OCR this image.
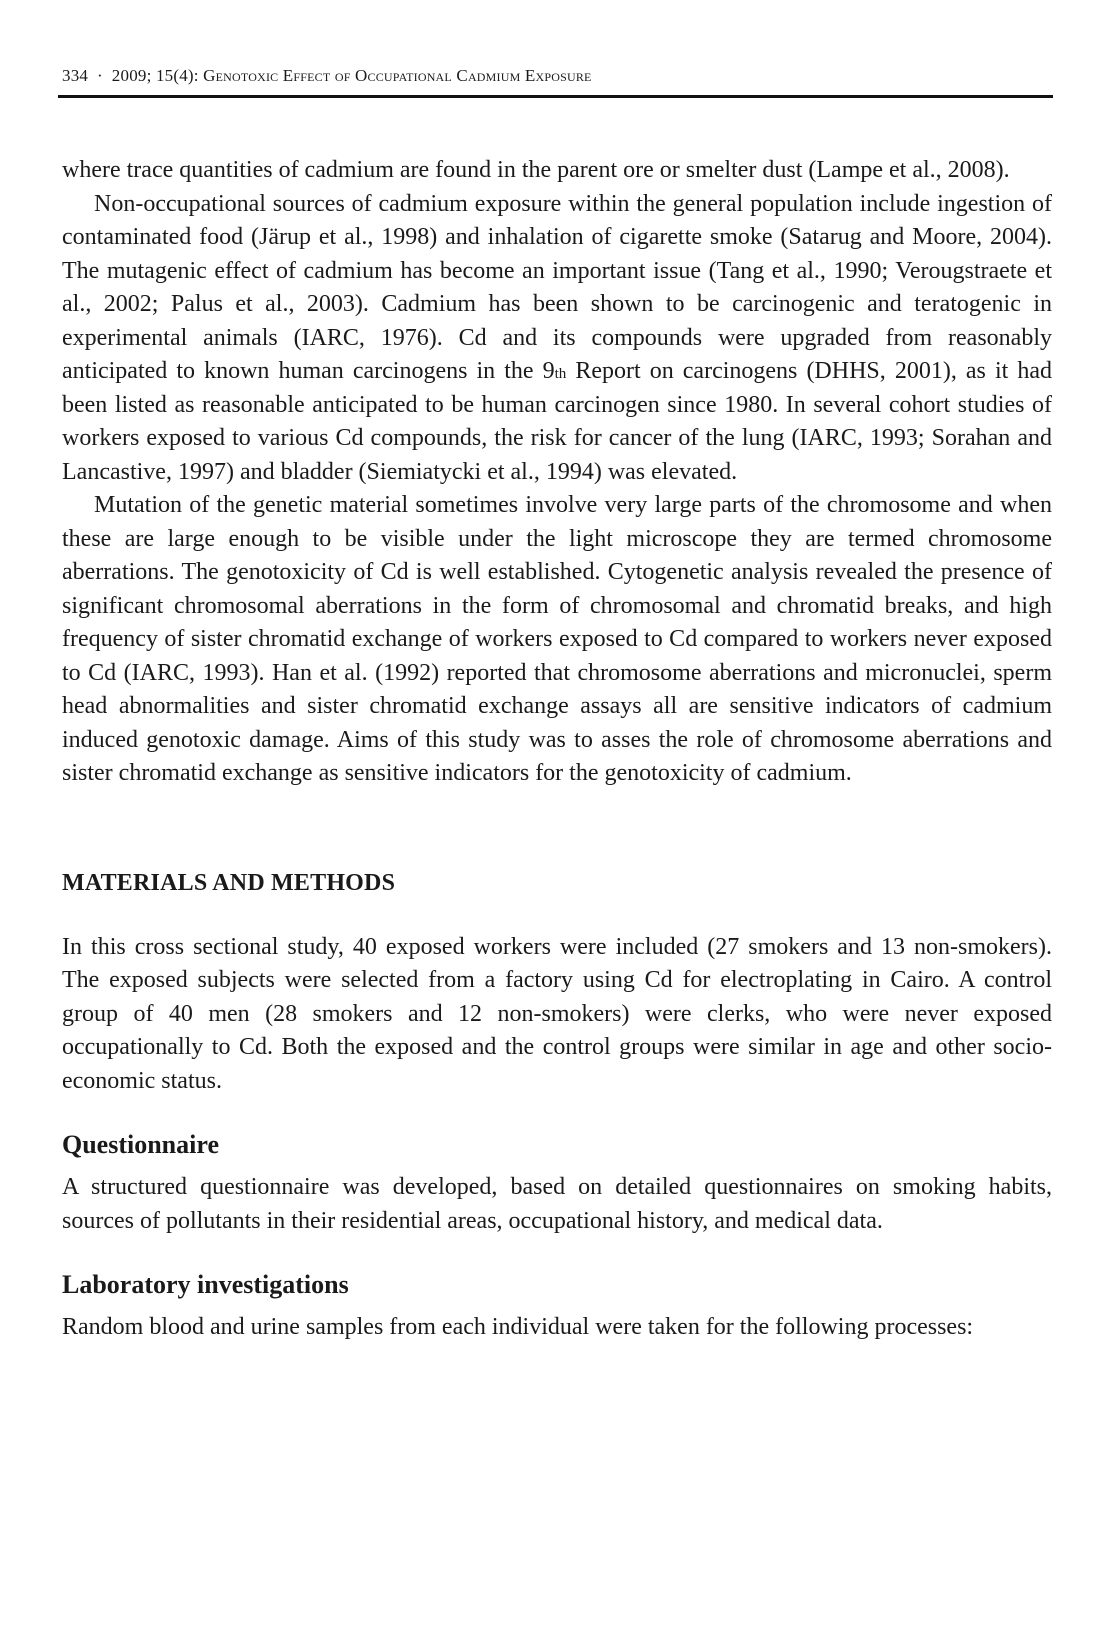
334 · 2009; 15(4): Genotoxic Effect of Occupational Cadmium Exposure

where trace quantities of cadmium are found in the parent ore or smelter dust (Lampe et al., 2008).

Non-occupational sources of cadmium exposure within the general population include ingestion of contaminated food (Järup et al., 1998) and inhalation of cigarette smoke (Satarug and Moore, 2004). The mutagenic effect of cadmium has become an important issue (Tang et al., 1990; Verougstraete et al., 2002; Palus et al., 2003). Cadmium has been shown to be carcinogenic and teratogenic in experimental animals (IARC, 1976). Cd and its compounds were upgraded from reasonably anticipated to known human carcinogens in the 9th Report on carcinogens (DHHS, 2001), as it had been listed as reasonable anticipated to be human carcinogen since 1980. In several cohort studies of workers exposed to various Cd compounds, the risk for cancer of the lung (IARC, 1993; Sorahan and Lancastive, 1997) and bladder (Siemiatycki et al., 1994) was elevated.

Mutation of the genetic material sometimes involve very large parts of the chromosome and when these are large enough to be visible under the light microscope they are termed chromosome aberrations. The genotoxicity of Cd is well established. Cytogenetic analysis revealed the presence of significant chromosomal aberrations in the form of chromosomal and chromatid breaks, and high frequency of sister chromatid exchange of workers exposed to Cd compared to workers never exposed to Cd (IARC, 1993). Han et al. (1992) reported that chromosome aberrations and micronuclei, sperm head abnormalities and sister chromatid exchange assays all are sensitive indicators of cadmium induced genotoxic damage. Aims of this study was to asses the role of chromosome aberrations and sister chromatid exchange as sensitive indicators for the genotoxicity of cadmium.

MATERIALS AND METHODS

In this cross sectional study, 40 exposed workers were included (27 smokers and 13 non-smokers). The exposed subjects were selected from a factory using Cd for electroplating in Cairo. A control group of 40 men (28 smokers and 12 non-smokers) were clerks, who were never exposed occupationally to Cd. Both the exposed and the control groups were similar in age and other socio-economic status.

Questionnaire

A structured questionnaire was developed, based on detailed questionnaires on smoking habits, sources of pollutants in their residential areas, occupational history, and medical data.

Laboratory investigations

Random blood and urine samples from each individual were taken for the following processes:
